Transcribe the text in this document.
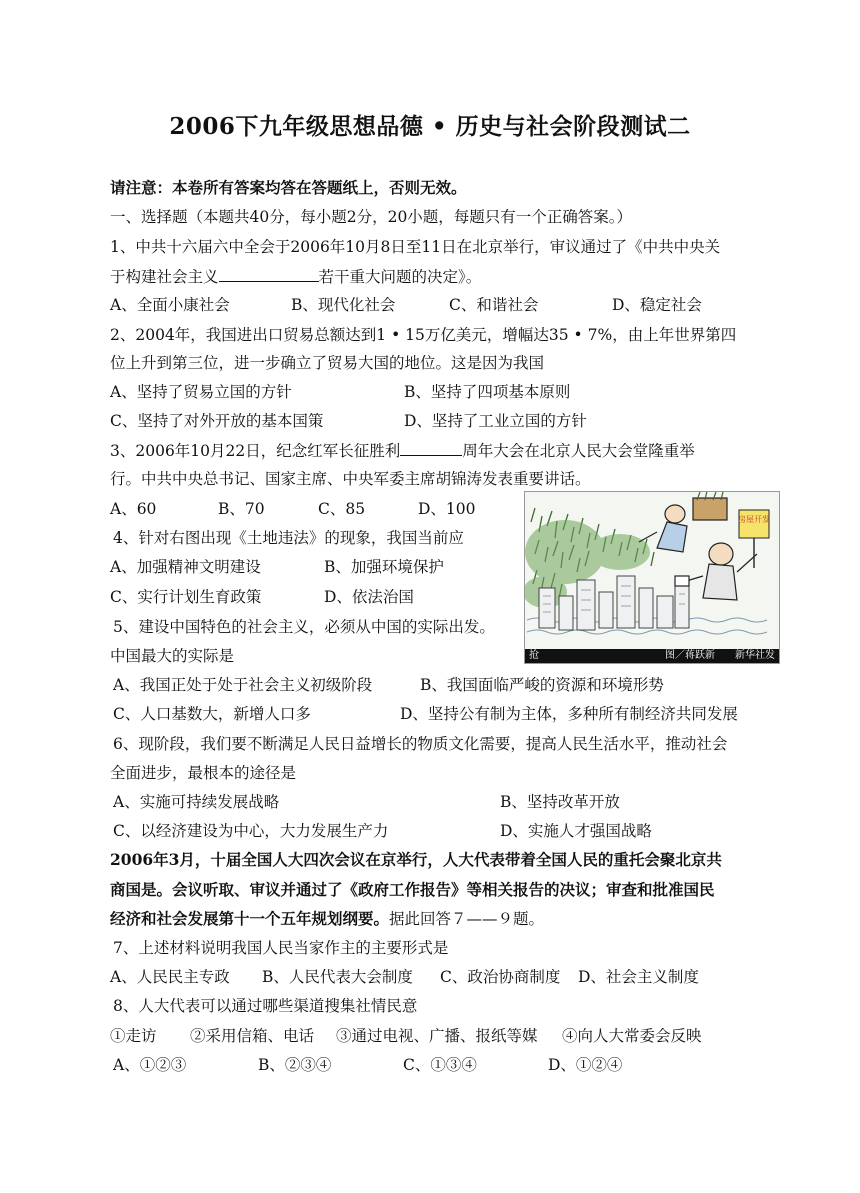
2006下九年级思想品德 • 历史与社会阶段测试二
请注意：本卷所有答案均答在答题纸上，否则无效。
一、选择题（本题共40分，每小题2分，20小题，每题只有一个正确答案。）
1、中共十六届六中全会于2006年10月8日至11日在北京举行，审议通过了《中共中央关
于构建社会主义	若干重大问题的决定》。
A、全面小康社会	B、现代化社会	C、和谐社会	D、稳定社会
2、2004年，我国进出口贸易总额达到1 • 15万亿美元，增幅达35 • 7%，由上年世界第四
位上升到第三位，进一步确立了贸易大国的地位。这是因为我国
A、坚持了贸易立国的方针	B、坚持了四项基本原则
C、坚持了对外开放的基本国策	D、坚持了工业立国的方针
3、2006年10月22日，纪念红军长征胜利	周年大会在北京人民大会堂隆重举
行。中共中央总书记、国家主席、中央军委主席胡锦涛发表重要讲话。
A、60	B、70	C、85	D、100
4、针对右图出现《土地违法》的现象，我国当前应
A、加强精神文明建设	B、加强环境保护
C、实行计划生育政策	D、依法治国
房屋开发
抢	图／蒋跃新　　新华社发
5、建设中国特色的社会主义，必须从中国的实际出发。
中国最大的实际是
A、我国正处于处于社会主义初级阶段	B、我国面临严峻的资源和环境形势
C、人口基数大，新增人口多	D、坚持公有制为主体，多种所有制经济共同发展
6、现阶段，我们要不断满足人民日益增长的物质文化需要，提高人民生活水平，推动社会
全面进步，最根本的途径是
A、实施可持续发展战略	B、坚持改革开放
C、以经济建设为中心，大力发展生产力	D、实施人才强国战略
2006年3月，十届全国人大四次会议在京举行，人大代表带着全国人民的重托会聚北京共
商国是。会议听取、审议并通过了《政府工作报告》等相关报告的决议；审查和批准国民
经济和社会发展第十一个五年规划纲要。据此回答７——９题。
7、上述材料说明我国人民当家作主的主要形式是
A、人民民主专政 B、人民代表大会制度 C、政治协商制度 D、社会主义制度
8、人大代表可以通过哪些渠道搜集社情民意
①走访 ②采用信箱、电话 ③通过电视、广播、报纸等媒 ④向人大常委会反映
A、①②③	B、②③④	C、①③④	D、①②④
